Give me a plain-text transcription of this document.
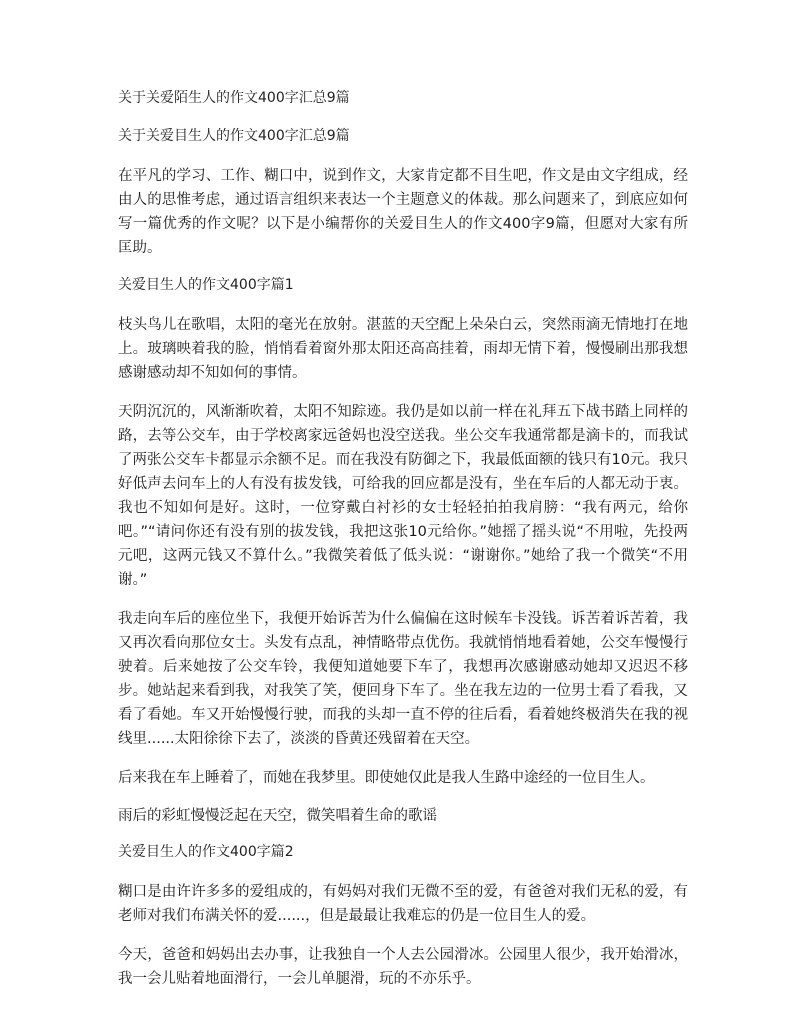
关于关爱陌生人的作文400字汇总9篇
关于关爱目生人的作文400字汇总9篇

在平凡的学习、工作、糊口中，说到作文，大家肯定都不目生吧，作文是由文字组成，经由人的思惟考虑，通过语言组织来表达一个主题意义的体裁。那么问题来了，到底应如何写一篇优秀的作文呢？以下是小编帮你的关爱目生人的作文400字9篇，但愿对大家有所匡助。

关爱目生人的作文400字篇1

枝头鸟儿在歌唱，太阳的毫光在放射。湛蓝的天空配上朵朵白云，突然雨滴无情地打在地上。玻璃映着我的脸，悄悄看着窗外那太阳还高高挂着，雨却无情下着，慢慢刷出那我想感谢感动却不知如何的事情。

天阴沉沉的，风渐渐吹着，太阳不知踪迹。我仍是如以前一样在礼拜五下战书踏上同样的路，去等公交车，由于学校离家远爸妈也没空送我。坐公交车我通常都是滴卡的，而我试了两张公交车卡都显示余额不足。而在我没有防御之下，我最低面额的钱只有10元。我只好低声去问车上的人有没有拔发钱，可给我的回应都是没有，坐在车后的人都无动于衷。我也不知如何是好。这时，一位穿戴白衬衫的女士轻轻拍拍我肩膀：“我有两元，给你吧。”“请问你还有没有别的拔发钱，我把这张10元给你。”她摇了摇头说“不用啦，先投两元吧，这两元钱又不算什么。”我微笑着低了低头说：“谢谢你。”她给了我一个微笑“不用谢。”

我走向车后的座位坐下，我便开始诉苦为什么偏偏在这时候车卡没钱。诉苦着诉苦着，我又再次看向那位女士。头发有点乱，神情略带点优伤。我就悄悄地看着她，公交车慢慢行驶着。后来她按了公交车铃，我便知道她要下车了，我想再次感谢感动她却又迟迟不移步。她站起来看到我，对我笑了笑，便回身下车了。坐在我左边的一位男士看了看我，又看了看她。车又开始慢慢行驶，而我的头却一直不停的往后看，看着她终极消失在我的视线里......太阳徐徐下去了，淡淡的昏黄还残留着在天空。

后来我在车上睡着了，而她在我梦里。即使她仅此是我人生路中途经的一位目生人。

雨后的彩虹慢慢泛起在天空，微笑唱着生命的歌谣

关爱目生人的作文400字篇2

糊口是由许许多多的爱组成的，有妈妈对我们无微不至的爱，有爸爸对我们无私的爱，有老师对我们布满关怀的爱......，但是最最让我难忘的仍是一位目生人的爱。

今天，爸爸和妈妈出去办事，让我独自一个人去公园滑冰。公园里人很少，我开始滑冰，我一会儿贴着地面滑行，一会儿单腿滑，玩的不亦乐乎。
